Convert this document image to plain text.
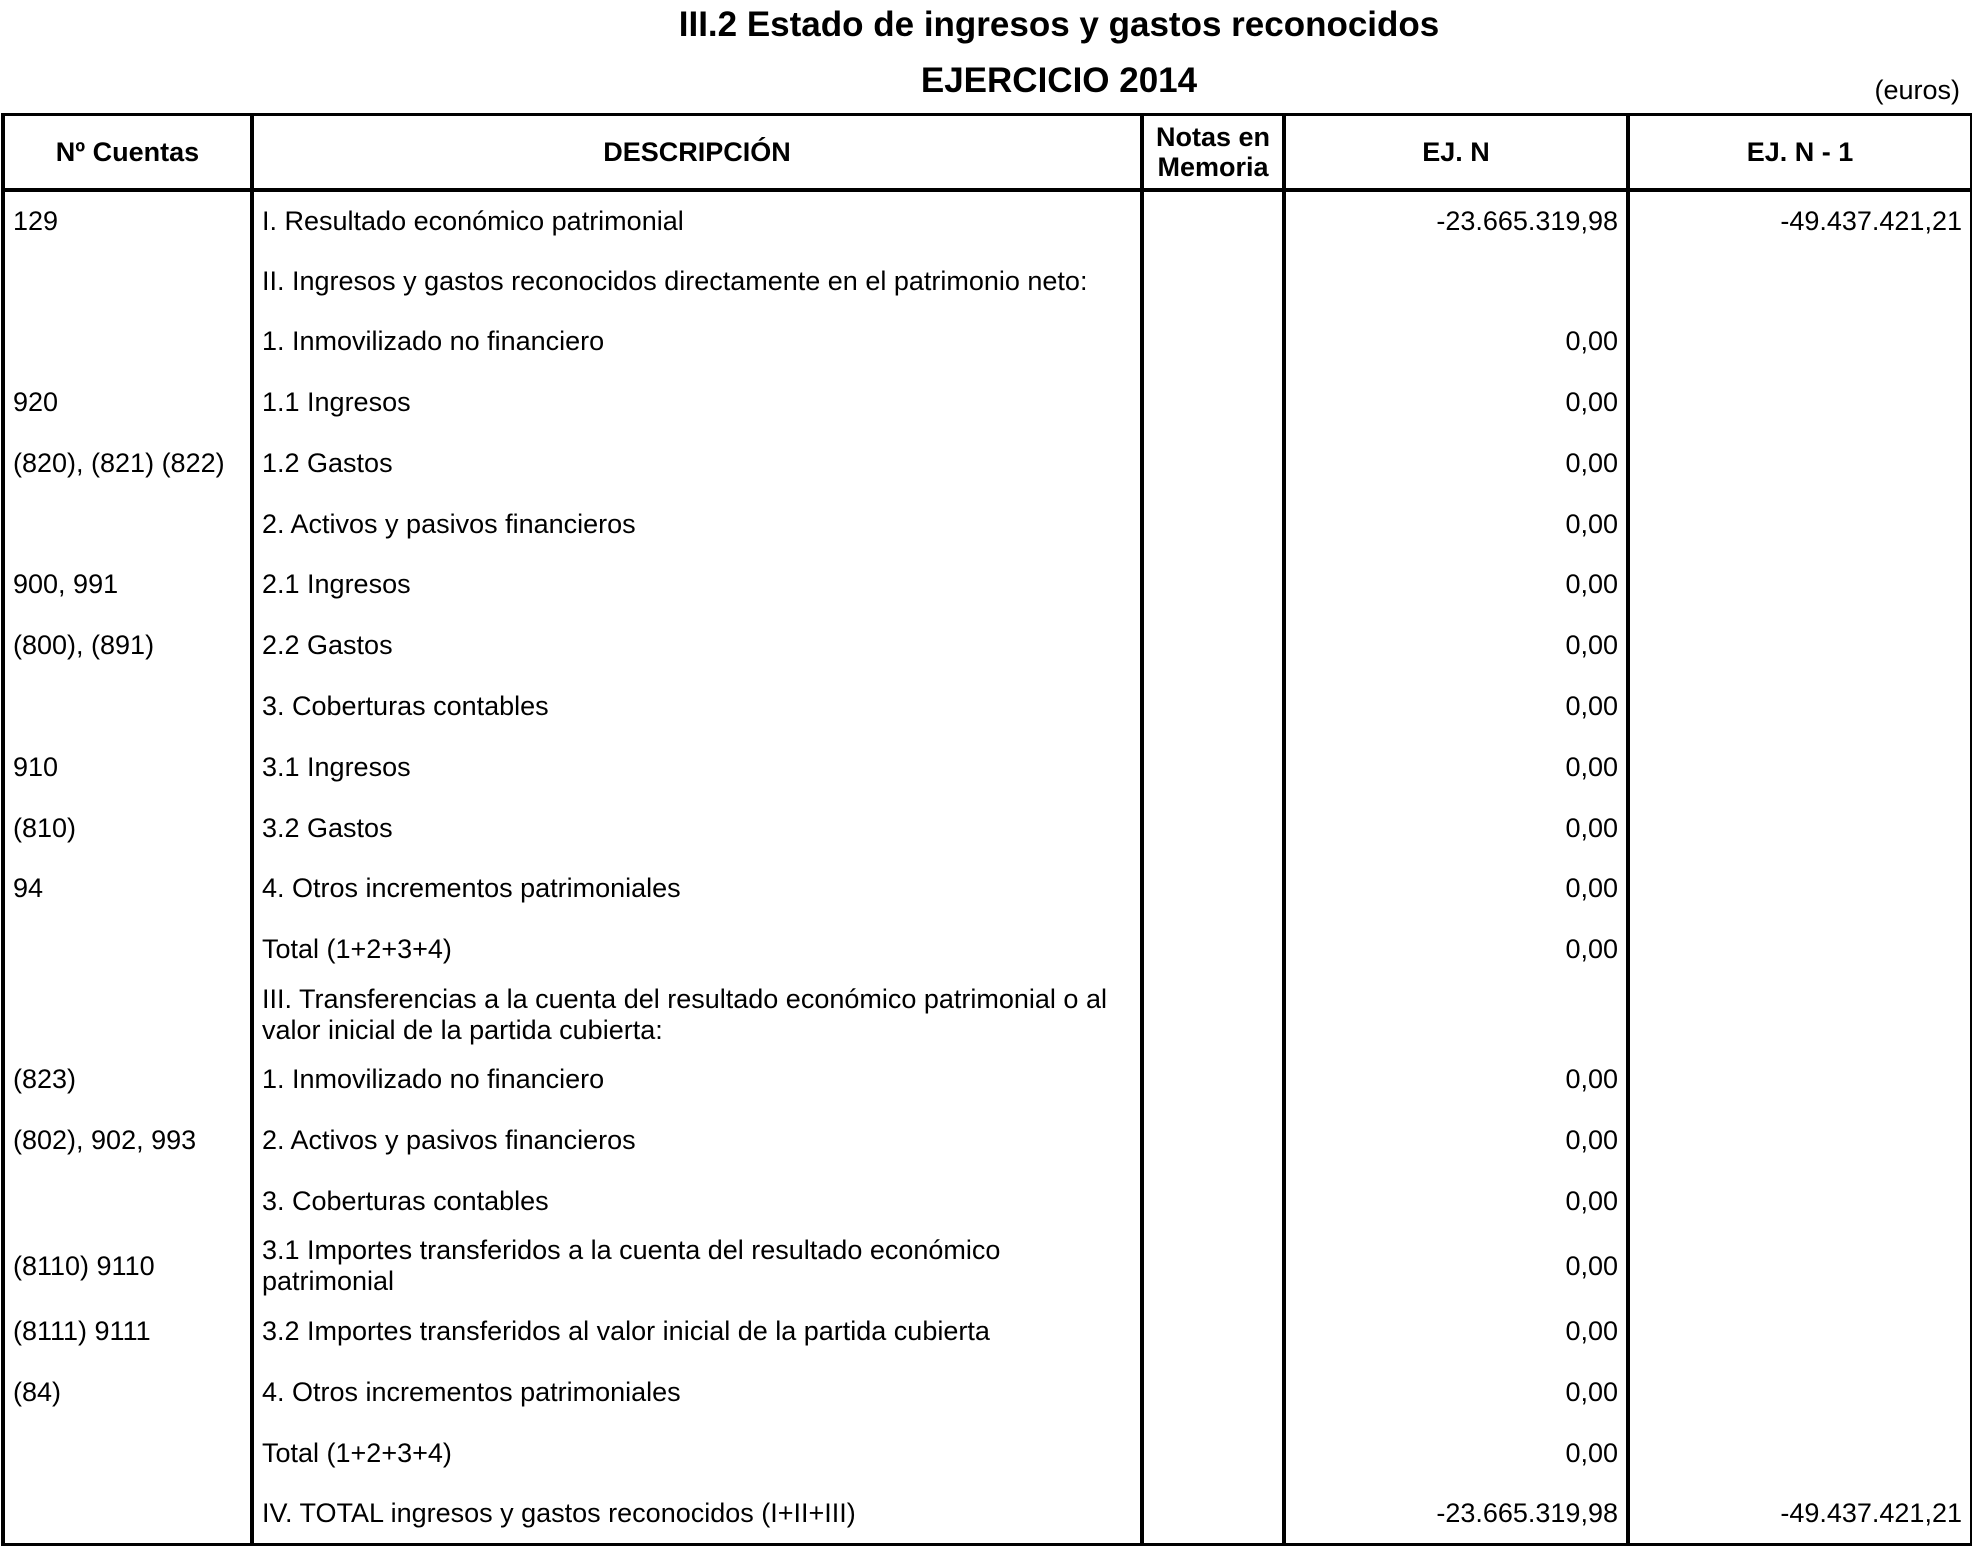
III.2 Estado de ingresos y gastos reconocidos
EJERCICIO 2014	(euros)
Nº Cuentas	DESCRIPCIÓN	Notas en Memoria	EJ. N	EJ. N - 1
129	I. Resultado económico patrimonial		-23.665.319,98	-49.437.421,21
	II. Ingresos y gastos reconocidos directamente en el patrimonio neto:			
	1. Inmovilizado no financiero		0,00	
920	1.1 Ingresos		0,00	
(820), (821) (822)	1.2 Gastos		0,00	
	2. Activos y pasivos financieros		0,00	
900, 991	2.1 Ingresos		0,00	
(800), (891)	2.2 Gastos		0,00	
	3. Coberturas contables		0,00	
910	3.1 Ingresos		0,00	
(810)	3.2 Gastos		0,00	
94	4. Otros incrementos patrimoniales		0,00	
	Total (1+2+3+4)		0,00	
	III. Transferencias a la cuenta del resultado económico patrimonial o al valor inicial de la partida cubierta:			
(823)	1. Inmovilizado no financiero		0,00	
(802), 902, 993	2. Activos y pasivos financieros		0,00	
	3. Coberturas contables		0,00	
(8110) 9110	3.1 Importes transferidos a la cuenta del resultado económico patrimonial		0,00	
(8111) 9111	3.2 Importes transferidos al valor inicial de la partida cubierta		0,00	
(84)	4. Otros incrementos patrimoniales		0,00	
	Total (1+2+3+4)		0,00	
	IV. TOTAL ingresos y gastos reconocidos (I+II+III)		-23.665.319,98	-49.437.421,21
